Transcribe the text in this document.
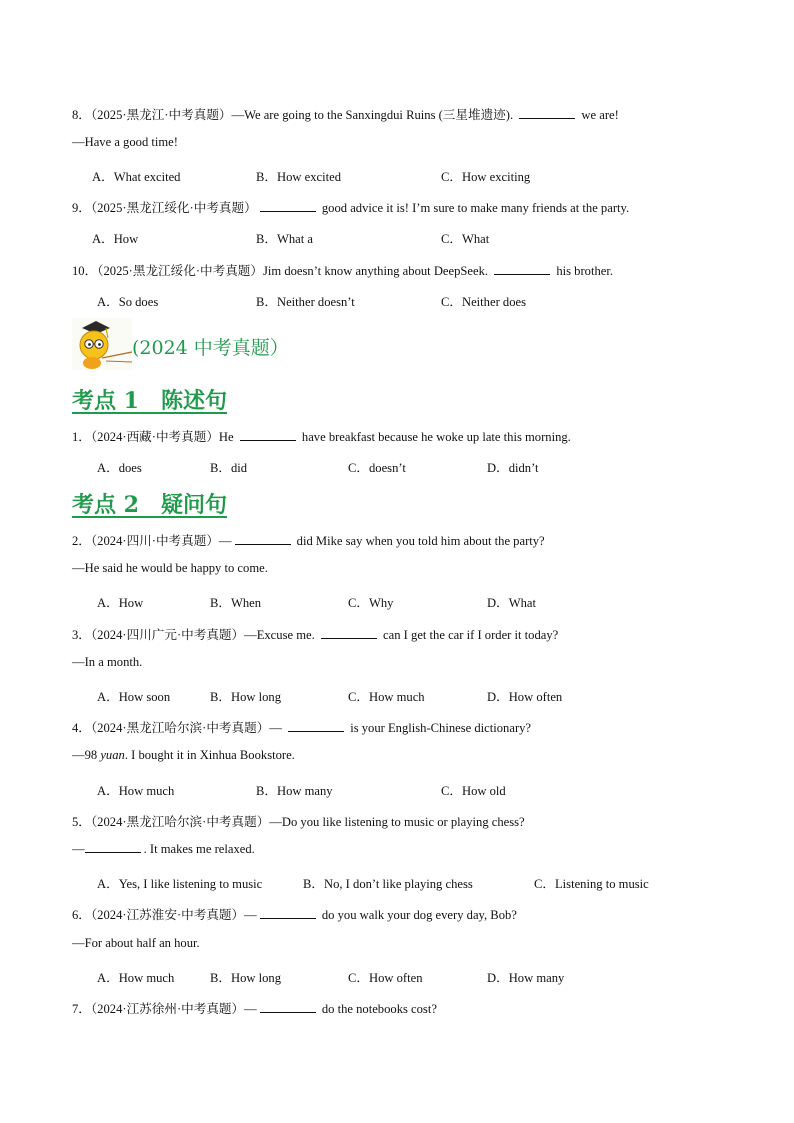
8．（2025·黑龙江·中考真题）—We are going to the Sanxingdui Ruins (三星堆遗迹).	we are!
—Have a good time!
A．What excited	B．How excited	C．How exciting
9．（2025·黑龙江绥化·中考真题）	good advice it is! I’m sure to make many friends at the party.
A．How	B．What a	C．What
10．（2025·黑龙江绥化·中考真题）Jim doesn’t know anything about DeepSeek.	his brother.
A．So does	B．Neither doesn’t	C．Neither does
(2024 中考真题）
考点 1　陈述句
1．（2024·西藏·中考真题）He	have breakfast because he woke up late this morning.
A．does	B．did	C．doesn’t	D．didn’t
考点 2　疑问句
2．（2024·四川·中考真题）—	did Mike say when you told him about the party?
—He said he would be happy to come.
A．How	B．When	C．Why	D．What
3．（2024·四川广元·中考真题）—Excuse me.	can I get the car if I order it today?
—In a month.
A．How soon	B．How long	C．How much	D．How often
4．（2024·黑龙江哈尔滨·中考真题）—	is your English-Chinese dictionary?
—98 yuan. I bought it in Xinhua Bookstore.
A．How much	B．How many	C．How old
5．（2024·黑龙江哈尔滨·中考真题）—Do you like listening to music or playing chess?
—	. It makes me relaxed.
A．Yes, I like listening to music	B．No, I don’t like playing chess	C．Listening to music
6．（2024·江苏淮安·中考真题）—	do you walk your dog every day, Bob?
—For about half an hour.
A．How much	B．How long	C．How often	D．How many
7．（2024·江苏徐州·中考真题）—	do the notebooks cost?
